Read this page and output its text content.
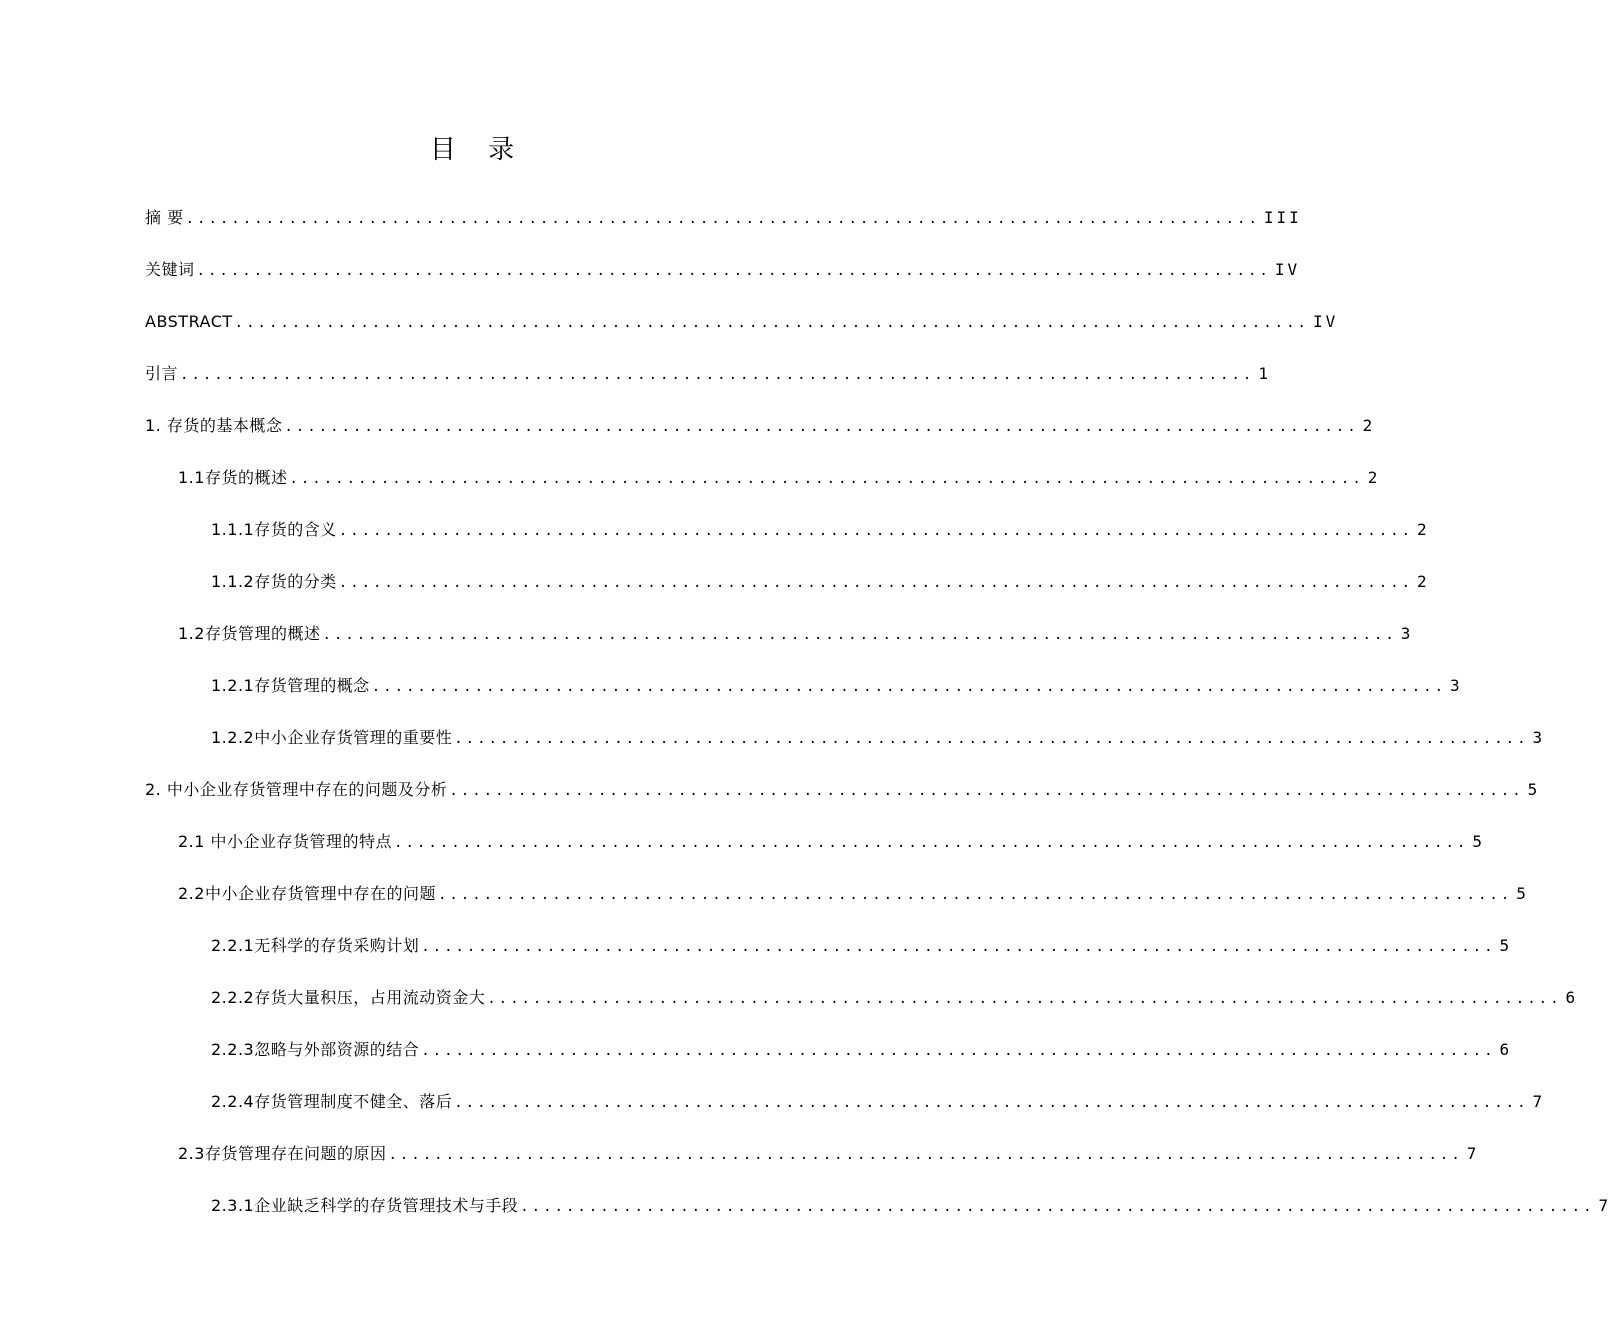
目 录
摘 要 .............................................................................................. III
关键词 .............................................................................................. IV
ABSTRACT .............................................................................................. IV
引言 .............................................................................................. 1
1. 存货的基本概念 .............................................................................................. 2
1.1存货的概述 .............................................................................................. 2
1.1.1存货的含义 .............................................................................................. 2
1.1.2存货的分类 .............................................................................................. 2
1.2存货管理的概述 .............................................................................................. 3
1.2.1存货管理的概念 .............................................................................................. 3
1.2.2中小企业存货管理的重要性 .............................................................................................. 3
2. 中小企业存货管理中存在的问题及分析 .............................................................................................. 5
2.1 中小企业存货管理的特点 .............................................................................................. 5
2.2中小企业存货管理中存在的问题 .............................................................................................. 5
2.2.1无科学的存货采购计划 .............................................................................................. 5
2.2.2存货大量积压，占用流动资金大 .............................................................................................. 6
2.2.3忽略与外部资源的结合 .............................................................................................. 6
2.2.4存货管理制度不健全、落后 .............................................................................................. 7
2.3存货管理存在问题的原因 .............................................................................................. 7
2.3.1企业缺乏科学的存货管理技术与手段 .............................................................................................. 7
